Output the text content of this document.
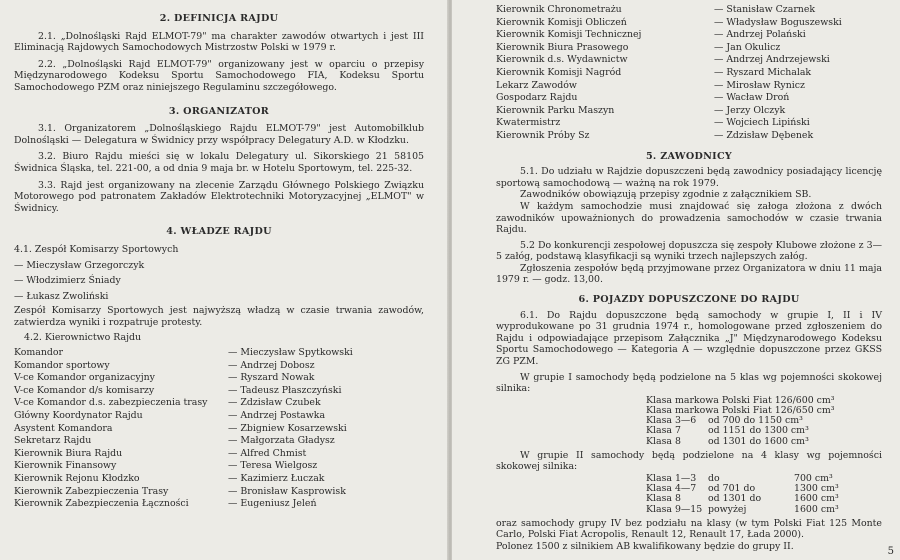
2. DEFINICJA RAJDU
2.1. „Dolnośląski Rajd ELMOT-79" ma charakter zawodów otwartych i jest III Eliminacją Rajdowych Samochodowych Mistrzostw Polski w 1979 r.
2.2. „Dolnośląski Rajd ELMOT-79" organizowany jest w oparciu o przepisy Międzynarodowego Kodeksu Sportu Samochodowego FIA, Kodeksu Sportu Samochodowego PZM oraz niniejszego Regulaminu szczegółowego.
3. ORGANIZATOR
3.1. Organizatorem „Dolnośląskiego Rajdu ELMOT-79" jest Automobilklub Dolnośląski — Delegatura w Świdnicy przy współpracy Delegatury A.D. w Kłodzku.
3.2. Biuro Rajdu mieści się w lokalu Delegatury ul. Sikorskiego 21 58105 Świdnica Śląska, tel. 221-00, a od dnia 9 maja br. w Hotelu Sportowym, tel. 225-32.
3.3. Rajd jest organizowany na zlecenie Zarządu Głównego Polskiego Związku Motorowego pod patronatem Zakładów Elektrotechniki Motoryzacyjnej „ELMOT" w Świdnicy.
4. WŁADZE RAJDU
4.1. Zespół Komisarzy Sportowych
— Mieczysław Grzegorczyk
— Włodzimierz Śniady
— Łukasz Zwoliński
Zespół Komisarzy Sportowych jest najwyższą władzą w czasie trwania zawodów, zatwierdza wyniki i rozpatruje protesty.
4.2. Kierownictwo Rajdu
Komandor	— Mieczysław Spytkowski
Komandor sportowy	— Andrzej Dobosz
V-ce Komandor organizacyjny	— Ryszard Nowak
V-ce Komandor d/s komisarzy	— Tadeusz Płaszczyński
V-ce Komandor d.s. zabezpieczenia trasy — Zdzisław Czubek
Główny Koordynator Rajdu	— Andrzej Postawka
Asystent Komandora	— Zbigniew Kosarzewski
Sekretarz Rajdu	— Małgorzata Gładysz
Kierownik Biura Rajdu	— Alfred Chmist
Kierownik Finansowy	— Teresa Wielgosz
Kierownik Rejonu Kłodzko	— Kazimierz Łuczak
Kierownik Zabezpieczenia Trasy	— Bronisław Kasprowisk
Kierownik Zabezpieczenia Łączności	— Eugeniusz Jeleń
Kierownik Chronometrażu	— Stanisław Czarnek
Kierownik Komisji Obliczeń	— Władysław Boguszewski
Kierownik Komisji Technicznej	— Andrzej Polański
Kierownik Biura Prasowego	— Jan Okulicz
Kierownik d.s. Wydawnictw	— Andrzej Andrzejewski
Kierownik Komisji Nagród	— Ryszard Michalak
Lekarz Zawodów	— Mirosław Rynicz
Gospodarz Rajdu	— Wacław Droń
Kierownik Parku Maszyn	— Jerzy Olczyk
Kwatermistrz	— Wojciech Lipiński
Kierownik Próby Sz	— Zdzisław Dębenek
5. ZAWODNICY
5.1. Do udziału w Rajdzie dopuszczeni będą zawodnicy posiadający licencję sportową samochodową — ważną na rok 1979.
Zawodników obowiązują przepisy zgodnie z załącznikiem SB.
W każdym samochodzie musi znajdować się załoga złożona z dwóch zawodników upoważnionych do prowadzenia samochodów w czasie trwania Rajdu.
5.2 Do konkurencji zespołowej dopuszcza się zespoły Klubowe złożone z 3—5 załóg, podstawą klasyfikacji są wyniki trzech najlepszych załóg.
Zgłoszenia zespołów będą przyjmowane przez Organizatora w dniu 11 maja 1979 r. — godz. 13,00.
6. POJAZDY DOPUSZCZONE DO RAJDU
6.1. Do Rajdu dopuszczone będą samochody w grupie I, II i IV wyprodukowane po 31 grudnia 1974 r., homologowane przed zgłoszeniem do Rajdu i odpowiadające przepisom Załącznika „J" Międzynarodowego Kodeksu Sportu Samochodowego — Kategoria A — względnie dopuszczone przez GKSS ZG PZM.
W grupie I samochody będą podzielone na 5 klas wg pojemności skokowej silnika:
Klasa markowa Polski Fiat 126/600 cm³
Klasa markowa Polski Fiat 126/650 cm³
Klasa 3—6 od 700 do 1150 cm³
Klasa 7	od 1151 do 1300 cm³
Klasa 8	od 1301 do 1600 cm³
W grupie II samochody będą podzielone na 4 klasy wg pojemności skokowej silnika:
Klasa 1—3 do	700 cm³
Klasa 4—7 od 701 do	1300 cm³
Klasa 8	od 1301 do	1600 cm³
Klasa 9—15 powyżej	1600 cm³
oraz samochody grupy IV bez podziału na klasy (w tym Polski Fiat 125 Monte Carlo, Polski Fiat Acropolis, Renault 12, Renault 17, Łada 2000).
Polonez 1500 z silnikiem AB kwalifikowany będzie do grupy II.
5
